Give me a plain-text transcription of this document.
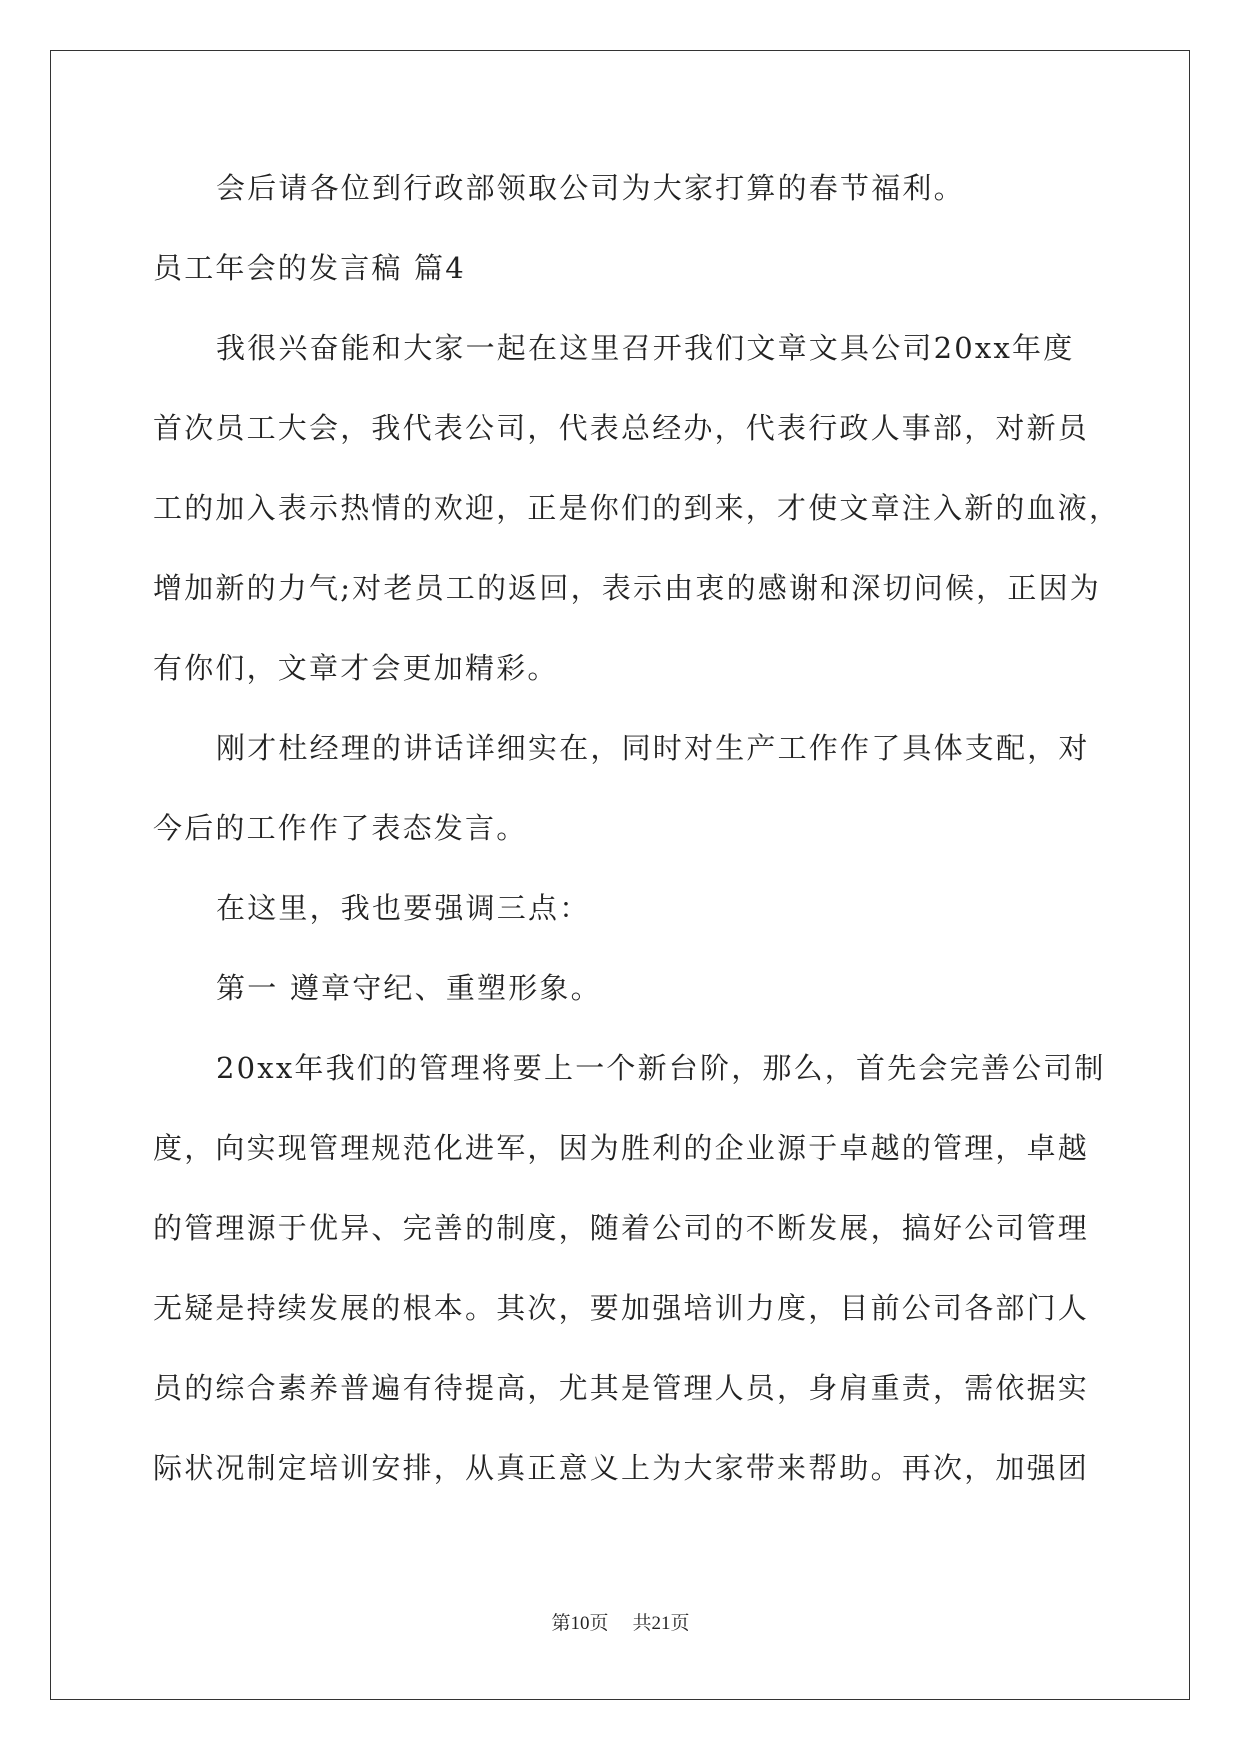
会后请各位到行政部领取公司为大家打算的春节福利。
员工年会的发言稿 篇4
我很兴奋能和大家一起在这里召开我们文章文具公司20xx年度
首次员工大会，我代表公司，代表总经办，代表行政人事部，对新员
工的加入表示热情的欢迎，正是你们的到来，才使文章注入新的血液，
增加新的力气;对老员工的返回，表示由衷的感谢和深切问候，正因为
有你们，文章才会更加精彩。
刚才杜经理的讲话详细实在，同时对生产工作作了具体支配，对
今后的工作作了表态发言。
在这里，我也要强调三点：
第一 遵章守纪、重塑形象。
20xx年我们的管理将要上一个新台阶，那么，首先会完善公司制
度，向实现管理规范化进军，因为胜利的企业源于卓越的管理，卓越
的管理源于优异、完善的制度，随着公司的不断发展，搞好公司管理
无疑是持续发展的根本。其次，要加强培训力度，目前公司各部门人
员的综合素养普遍有待提高，尤其是管理人员，身肩重责，需依据实
际状况制定培训安排，从真正意义上为大家带来帮助。再次，加强团
第10页 共21页
